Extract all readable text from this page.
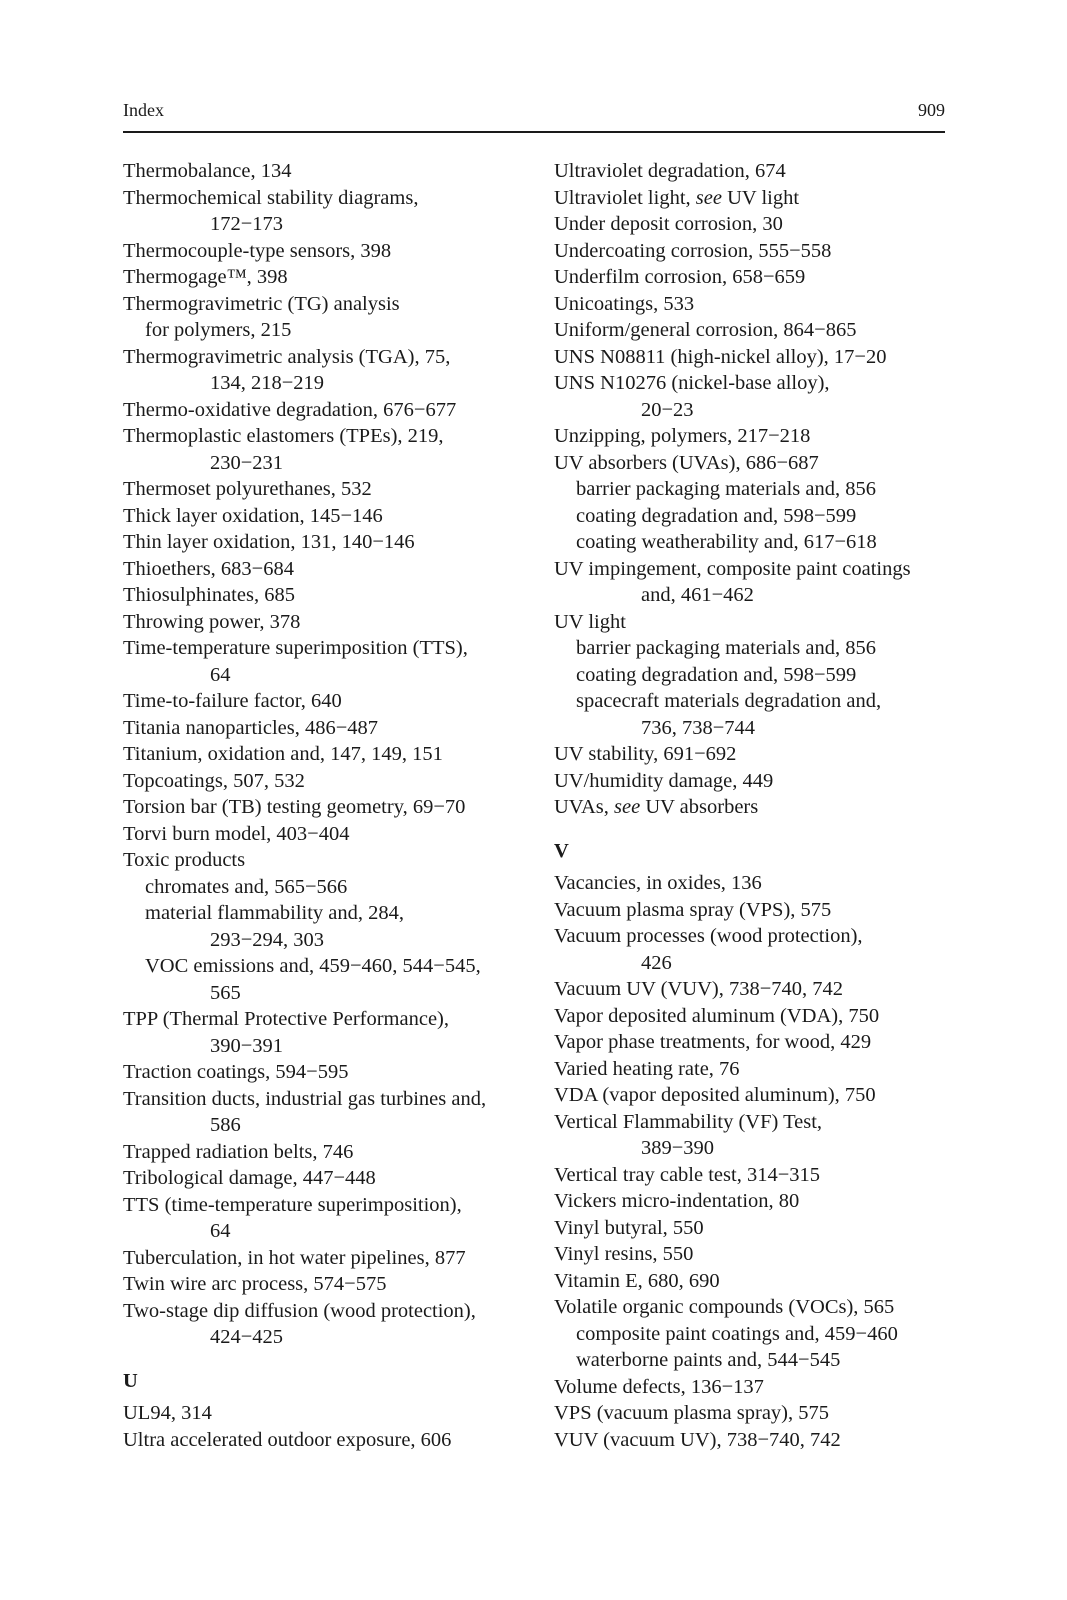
Index	909
Thermobalance, 134
Thermochemical stability diagrams,
172−173
Thermocouple-type sensors, 398
Thermogage™, 398
Thermogravimetric (TG) analysis
for polymers, 215
Thermogravimetric analysis (TGA), 75,
134, 218−219
Thermo-oxidative degradation, 676−677
Thermoplastic elastomers (TPEs), 219,
230−231
Thermoset polyurethanes, 532
Thick layer oxidation, 145−146
Thin layer oxidation, 131, 140−146
Thioethers, 683−684
Thiosulphinates, 685
Throwing power, 378
Time-temperature superimposition (TTS),
64
Time-to-failure factor, 640
Titania nanoparticles, 486−487
Titanium, oxidation and, 147, 149, 151
Topcoatings, 507, 532
Torsion bar (TB) testing geometry, 69−70
Torvi burn model, 403−404
Toxic products
chromates and, 565−566
material flammability and, 284,
293−294, 303
VOC emissions and, 459−460, 544−545,
565
TPP (Thermal Protective Performance),
390−391
Traction coatings, 594−595
Transition ducts, industrial gas turbines and,
586
Trapped radiation belts, 746
Tribological damage, 447−448
TTS (time-temperature superimposition),
64
Tuberculation, in hot water pipelines, 877
Twin wire arc process, 574−575
Two-stage dip diffusion (wood protection),
424−425
U
UL94, 314
Ultra accelerated outdoor exposure, 606
Ultraviolet degradation, 674
Ultraviolet light, see UV light
Under deposit corrosion, 30
Undercoating corrosion, 555−558
Underfilm corrosion, 658−659
Unicoatings, 533
Uniform/general corrosion, 864−865
UNS N08811 (high-nickel alloy), 17−20
UNS N10276 (nickel-base alloy),
20−23
Unzipping, polymers, 217−218
UV absorbers (UVAs), 686−687
barrier packaging materials and, 856
coating degradation and, 598−599
coating weatherability and, 617−618
UV impingement, composite paint coatings
and, 461−462
UV light
barrier packaging materials and, 856
coating degradation and, 598−599
spacecraft materials degradation and,
736, 738−744
UV stability, 691−692
UV/humidity damage, 449
UVAs, see UV absorbers
V
Vacancies, in oxides, 136
Vacuum plasma spray (VPS), 575
Vacuum processes (wood protection),
426
Vacuum UV (VUV), 738−740, 742
Vapor deposited aluminum (VDA), 750
Vapor phase treatments, for wood, 429
Varied heating rate, 76
VDA (vapor deposited aluminum), 750
Vertical Flammability (VF) Test,
389−390
Vertical tray cable test, 314−315
Vickers micro-indentation, 80
Vinyl butyral, 550
Vinyl resins, 550
Vitamin E, 680, 690
Volatile organic compounds (VOCs), 565
composite paint coatings and, 459−460
waterborne paints and, 544−545
Volume defects, 136−137
VPS (vacuum plasma spray), 575
VUV (vacuum UV), 738−740, 742
